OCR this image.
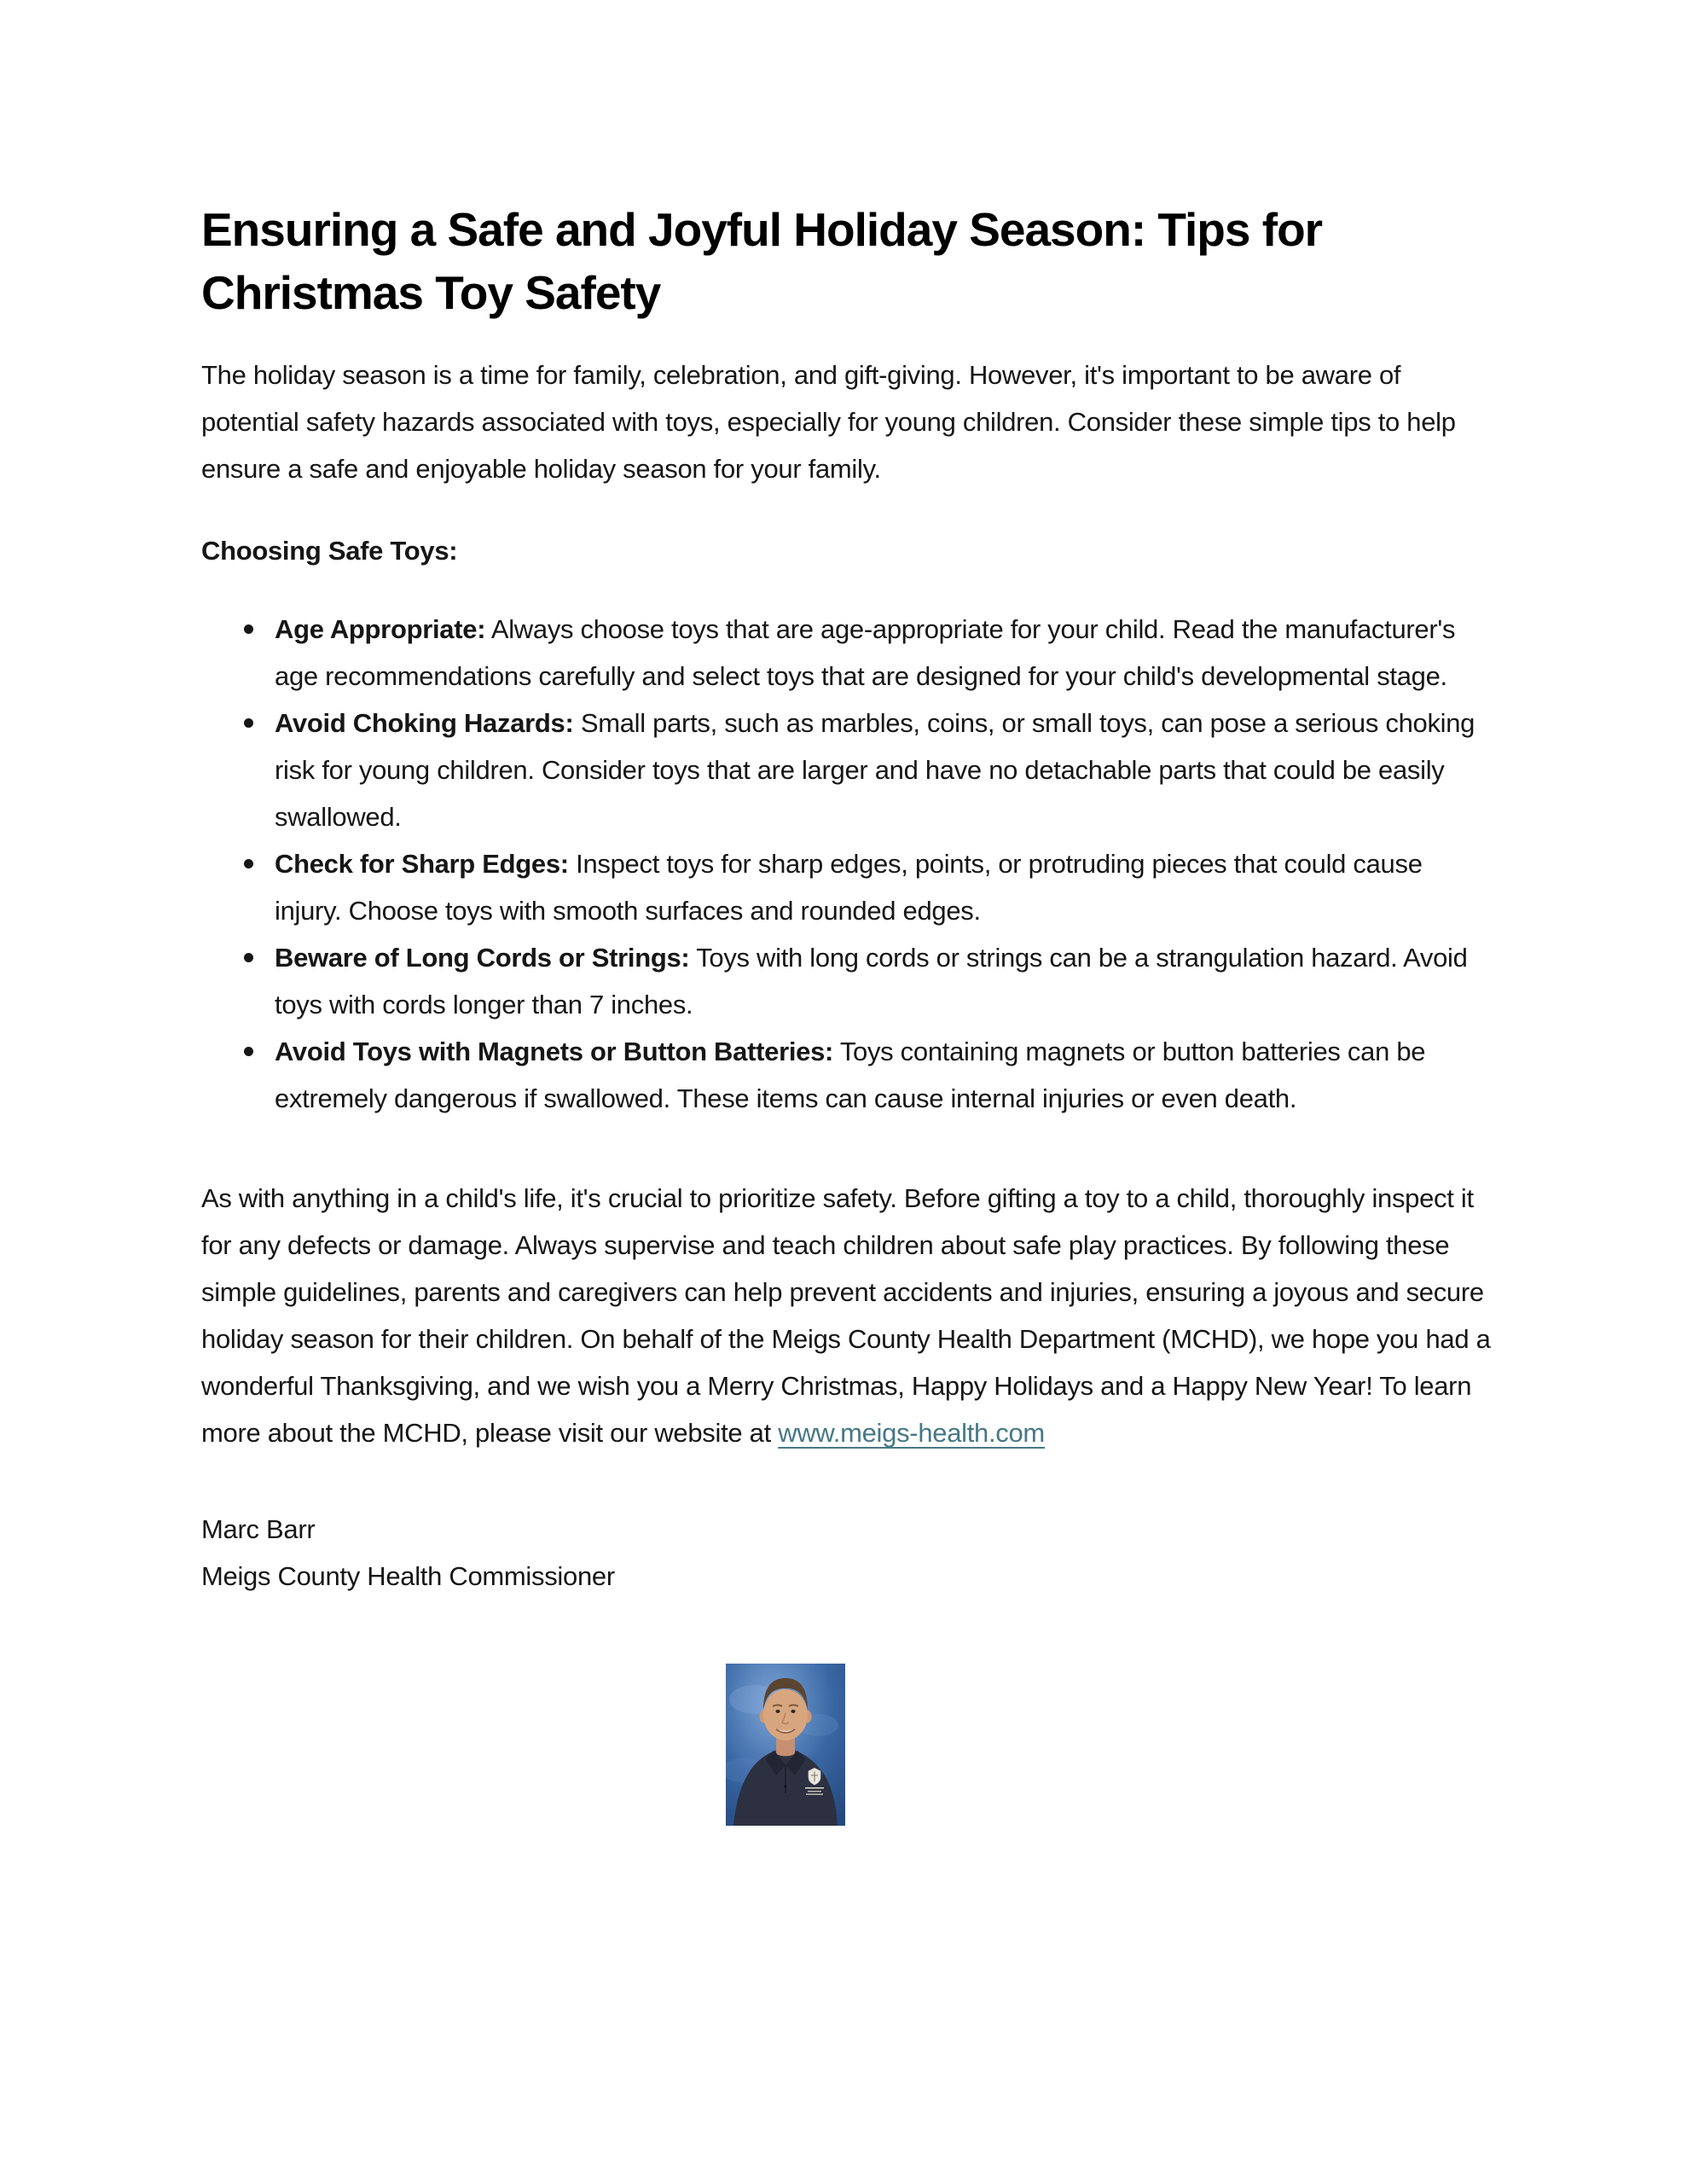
Ensuring a Safe and Joyful Holiday Season: Tips for Christmas Toy Safety

The holiday season is a time for family, celebration, and gift-giving. However, it's important to be aware of potential safety hazards associated with toys, especially for young children. Consider these simple tips to help ensure a safe and enjoyable holiday season for your family.

Choosing Safe Toys:
Age Appropriate: Always choose toys that are age-appropriate for your child. Read the manufacturer's age recommendations carefully and select toys that are designed for your child's developmental stage.
Avoid Choking Hazards: Small parts, such as marbles, coins, or small toys, can pose a serious choking risk for young children. Consider toys that are larger and have no detachable parts that could be easily swallowed.
Check for Sharp Edges: Inspect toys for sharp edges, points, or protruding pieces that could cause injury. Choose toys with smooth surfaces and rounded edges.
Beware of Long Cords or Strings: Toys with long cords or strings can be a strangulation hazard. Avoid toys with cords longer than 7 inches.
Avoid Toys with Magnets or Button Batteries: Toys containing magnets or button batteries can be extremely dangerous if swallowed. These items can cause internal injuries or even death.

As with anything in a child's life, it's crucial to prioritize safety. Before gifting a toy to a child, thoroughly inspect it for any defects or damage. Always supervise and teach children about safe play practices. By following these simple guidelines, parents and caregivers can help prevent accidents and injuries, ensuring a joyous and secure holiday season for their children. On behalf of the Meigs County Health Department (MCHD), we hope you had a wonderful Thanksgiving, and we wish you a Merry Christmas, Happy Holidays and a Happy New Year! To learn more about the MCHD, please visit our website at www.meigs-health.com

Marc Barr
Meigs County Health Commissioner
